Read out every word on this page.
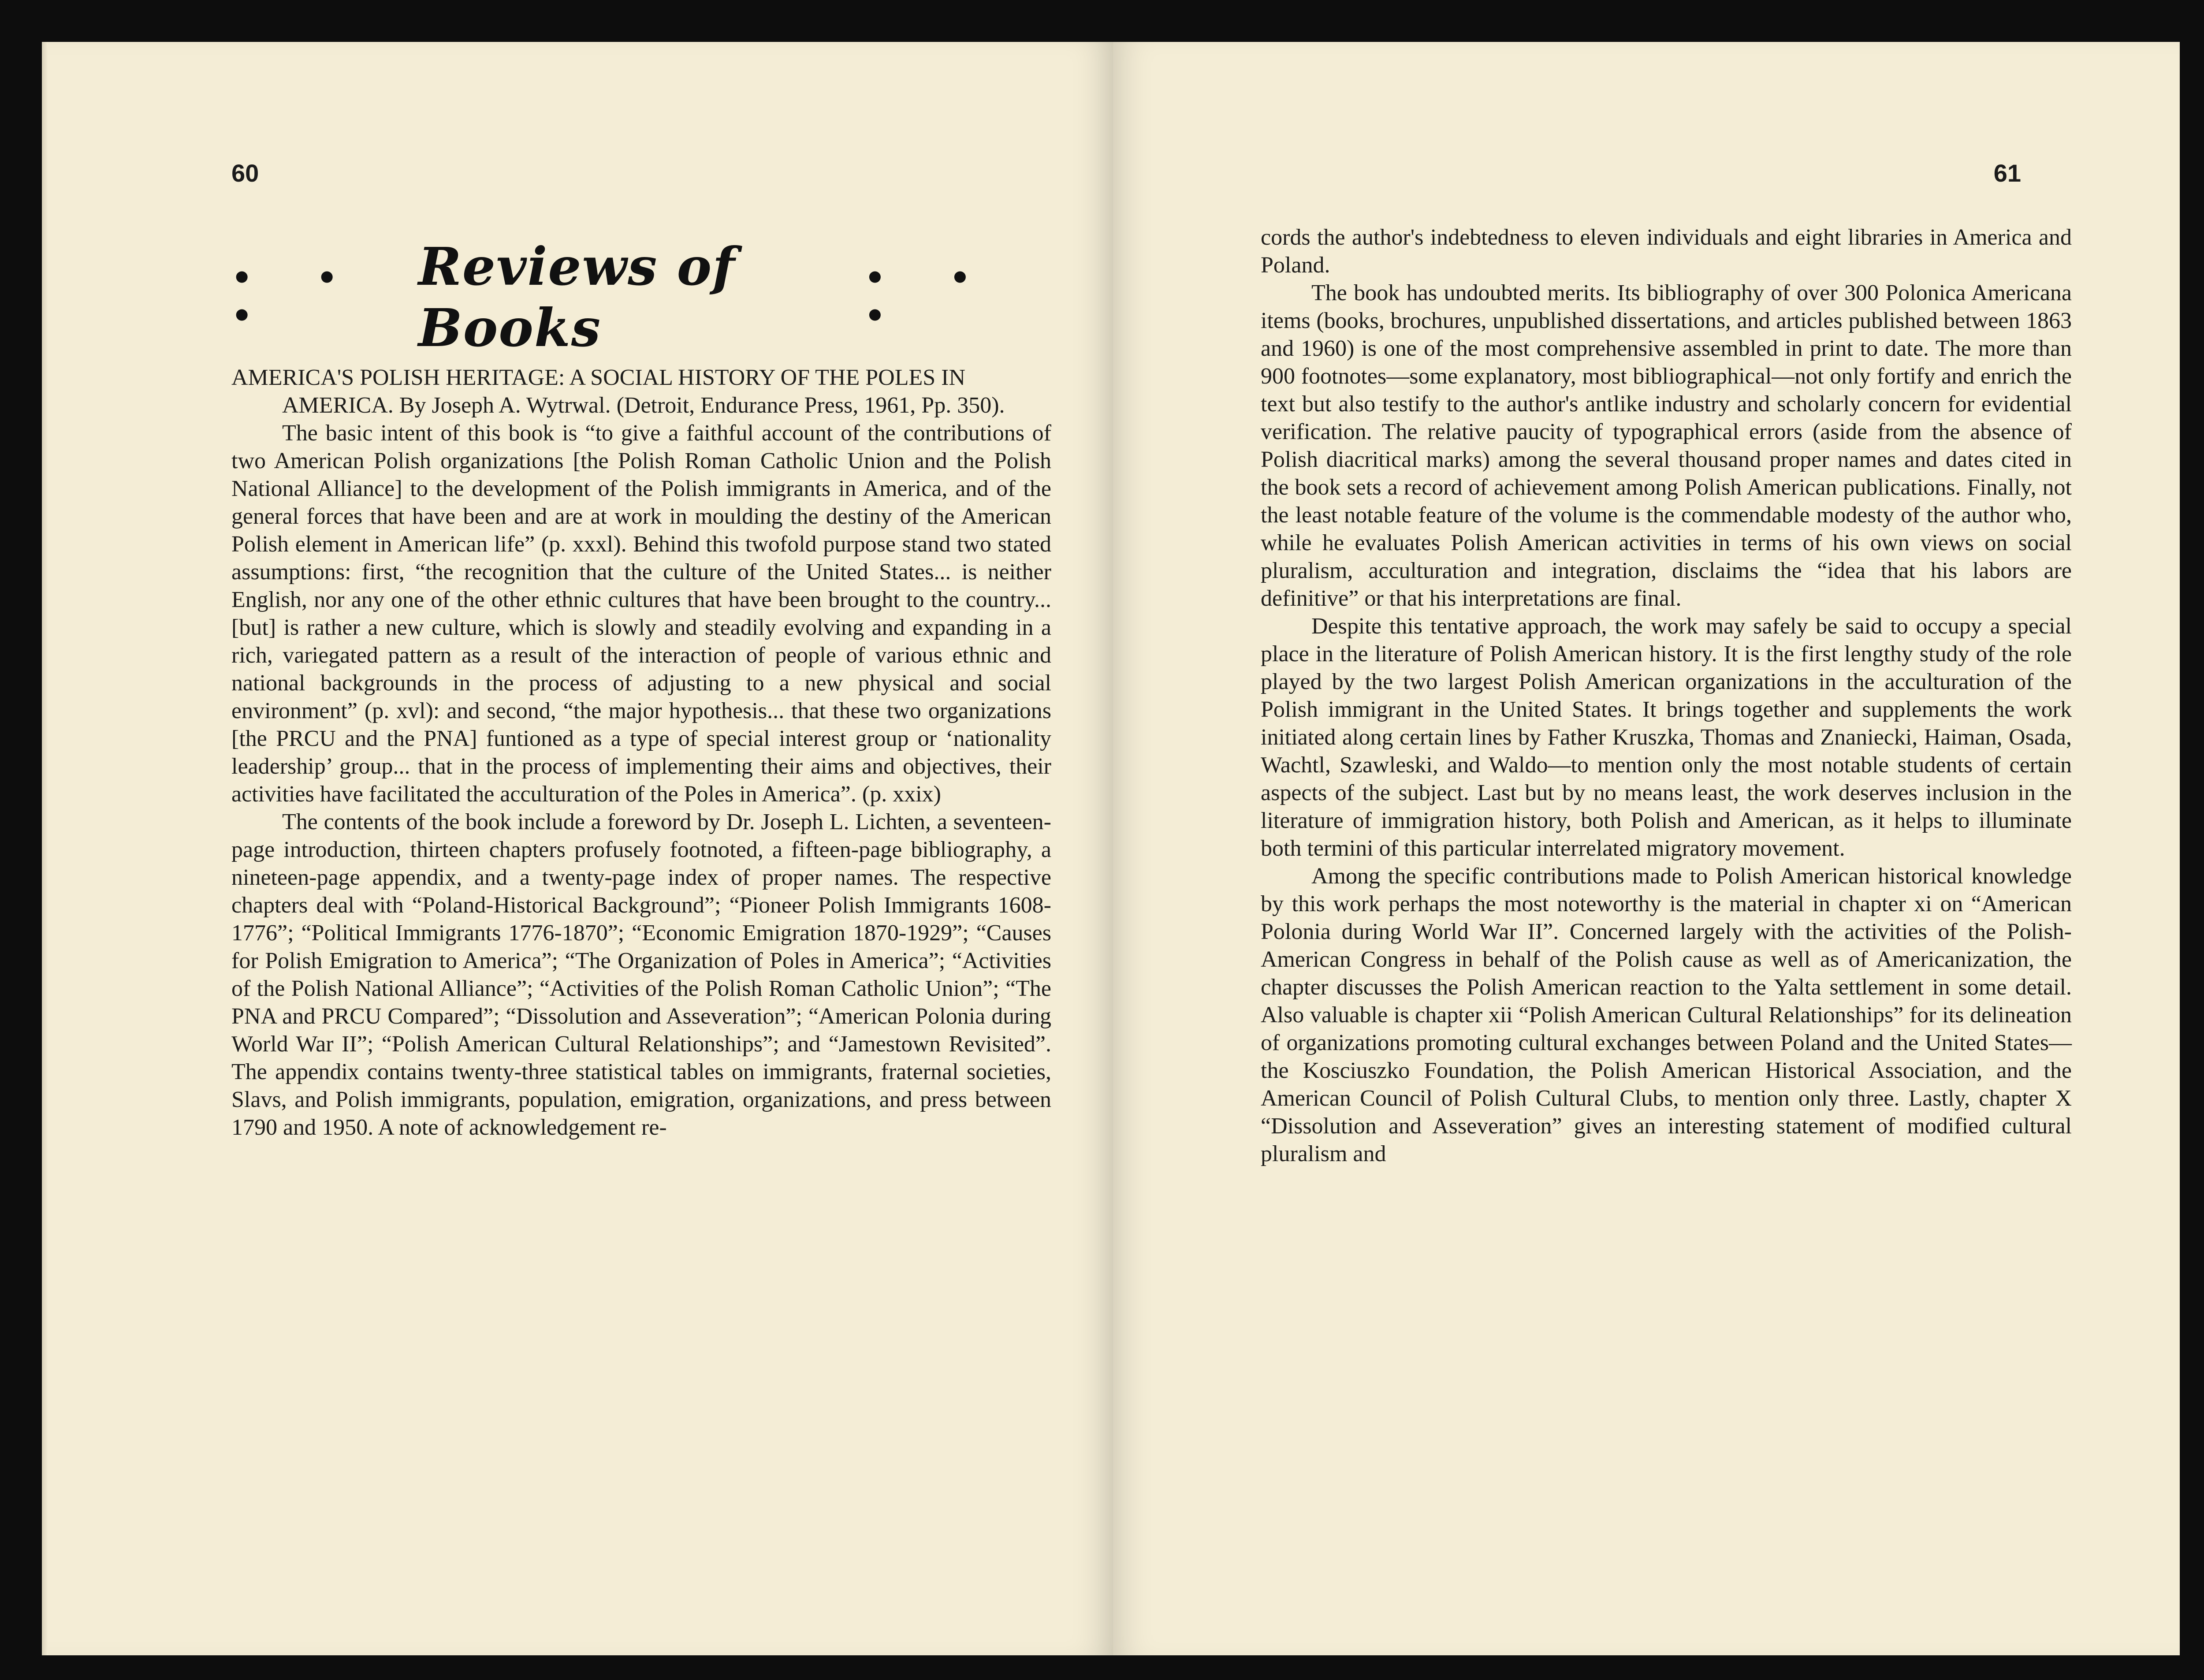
60
• • •
Reviews of Books
• • •

AMERICA'S POLISH HERITAGE: A SOCIAL HISTORY OF THE POLES IN AMERICA. By Joseph A. Wytrwal. (Detroit, Endurance Press, 1961, Pp. 350).

The basic intent of this book is “to give a faithful account of the contributions of two American Polish organizations [the Polish Roman Catholic Union and the Polish National Alliance] to the development of the Polish immigrants in America, and of the general forces that have been and are at work in moulding the destiny of the American Polish element in American life” (p. xxxl). Behind this twofold purpose stand two stated assumptions: first, “the recognition that the culture of the United States... is neither English, nor any one of the other ethnic cultures that have been brought to the country... [but] is rather a new culture, which is slowly and steadily evolving and expanding in a rich, variegated pattern as a result of the interaction of people of various ethnic and national backgrounds in the process of adjusting to a new physical and social environment” (p. xvl): and second, “the major hypothesis... that these two organizations [the PRCU and the PNA] funtioned as a type of special interest group or ‘nationality leadership’ group... that in the process of implementing their aims and objectives, their activities have facilitated the acculturation of the Poles in America”. (p. xxix)

The contents of the book include a foreword by Dr. Joseph L. Lichten, a seventeen-page introduction, thirteen chapters profusely footnoted, a fifteen-page bibliography, a nineteen-page appendix, and a twenty-page index of proper names. The respective chapters deal with “Poland-Historical Background”; “Pioneer Polish Immigrants 1608-1776”; “Political Immigrants 1776-1870”; “Economic Emigration 1870-1929”; “Causes for Polish Emigration to America”; “The Organization of Poles in America”; “Activities of the Polish National Alliance”; “Activities of the Polish Roman Catholic Union”; “The PNA and PRCU Compared”; “Dissolution and Asseveration”; “American Polonia during World War II”; “Polish American Cultural Relationships”; and “Jamestown Revisited”. The appendix contains twenty-three statistical tables on immigrants, fraternal societies, Slavs, and Polish immigrants, population, emigration, organizations, and press between 1790 and 1950. A note of acknowledgement re-

61

cords the author's indebtedness to eleven individuals and eight libraries in America and Poland.

The book has undoubted merits. Its bibliography of over 300 Polonica Americana items (books, brochures, unpublished dissertations, and articles published between 1863 and 1960) is one of the most comprehensive assembled in print to date. The more than 900 footnotes—some explanatory, most bibliographical—not only fortify and enrich the text but also testify to the author's antlike industry and scholarly concern for evidential verification. The relative paucity of typographical errors (aside from the absence of Polish diacritical marks) among the several thousand proper names and dates cited in the book sets a record of achievement among Polish American publications. Finally, not the least notable feature of the volume is the commendable modesty of the author who, while he evaluates Polish American activities in terms of his own views on social pluralism, acculturation and integration, disclaims the “idea that his labors are definitive” or that his interpretations are final.

Despite this tentative approach, the work may safely be said to occupy a special place in the literature of Polish American history. It is the first lengthy study of the role played by the two largest Polish American organizations in the acculturation of the Polish immigrant in the United States. It brings together and supplements the work initiated along certain lines by Father Kruszka, Thomas and Znaniecki, Haiman, Osada, Wachtl, Szawleski, and Waldo—to mention only the most notable students of certain aspects of the subject. Last but by no means least, the work deserves inclusion in the literature of immigration history, both Polish and American, as it helps to illuminate both termini of this particular interrelated migratory movement.

Among the specific contributions made to Polish American historical knowledge by this work perhaps the most noteworthy is the material in chapter xi on “American Polonia during World War II”. Concerned largely with the activities of the Polish-American Congress in behalf of the Polish cause as well as of Americanization, the chapter discusses the Polish American reaction to the Yalta settlement in some detail. Also valuable is chapter xii “Polish American Cultural Relationships” for its delineation of organizations promoting cultural exchanges between Poland and the United States—the Kosciuszko Foundation, the Polish American Historical Association, and the American Council of Polish Cultural Clubs, to mention only three. Lastly, chapter X “Dissolution and Asseveration” gives an interesting statement of modified cultural pluralism and
